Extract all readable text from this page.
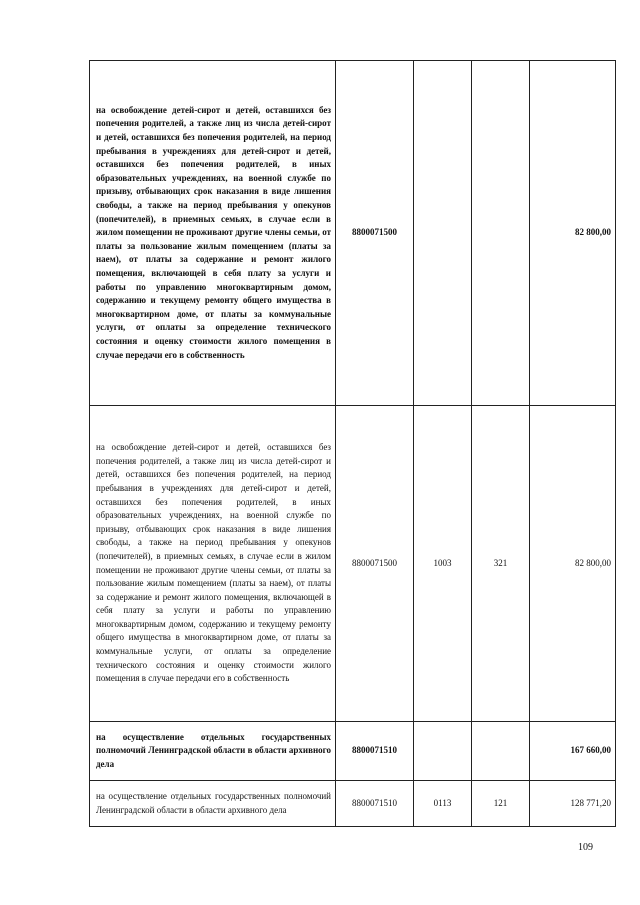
на освобождение детей-сирот и детей, оставшихся без попечения родителей, а также лиц из числа детей-сирот и детей, оставшихся без попечения родителей, на период пребывания в учреждениях для детей-сирот и детей, оставшихся без попечения родителей, в иных образовательных учреждениях, на военной службе по призыву, отбывающих срок наказания в виде лишения свободы, а также на период пребывания у опекунов (попечителей), в приемных семьях, в случае если в жилом помещении не проживают другие члены семьи, от платы за пользование жилым помещением (платы за наем), от платы за содержание и ремонт жилого помещения, включающей в себя плату за услуги и работы по управлению многоквартирным домом, содержанию и текущему ремонту общего имущества в многоквартирном доме, от платы за коммунальные услуги, от оплаты за определение технического состояния и оценку стоимости жилого помещения в случае передачи его в собственность	8800071500			82 800,00
на освобождение детей-сирот и детей, оставшихся без попечения родителей, а также лиц из числа детей-сирот и детей, оставшихся без попечения родителей, на период пребывания в учреждениях для детей-сирот и детей, оставшихся без попечения родителей, в иных образовательных учреждениях, на военной службе по призыву, отбывающих срок наказания в виде лишения свободы, а также на период пребывания у опекунов (попечителей), в приемных семьях, в случае если в жилом помещении не проживают другие члены семьи, от платы за пользование жилым помещением (платы за наем), от платы за содержание и ремонт жилого помещения, включающей в себя плату за услуги и работы по управлению многоквартирным домом, содержанию и текущему ремонту общего имущества в многоквартирном доме, от платы за коммунальные услуги, от оплаты за определение технического состояния и оценку стоимости жилого помещения в случае передачи его в собственность	8800071500	1003	321	82 800,00
на осуществление отдельных государственных полномочий Ленинградской области в области архивного дела	8800071510			167 660,00
на осуществление отдельных государственных полномочий Ленинградской области в области архивного дела	8800071510	0113	121	128 771,20
109
